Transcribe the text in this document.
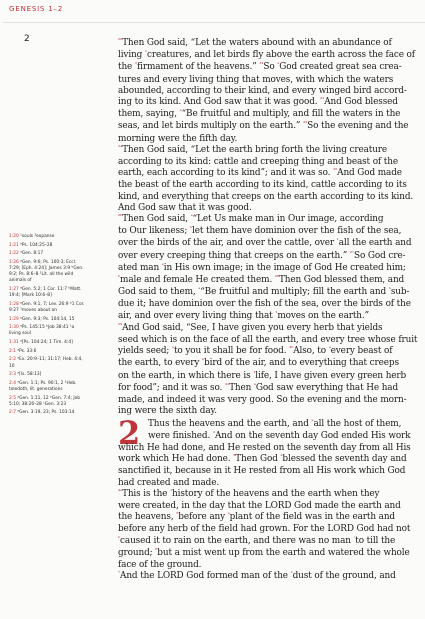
GENESIS 1–2
2
1:20 ¹souls ²expanse
1:21 ᵃPs. 104:25–28
1:22 ᵃGen. 8:17
1:26 ᵃGen. 9:6; Ps. 100:3; Eccl. 7:29; [Eph. 4:24]; James 3:9 ᵇGen. 9:2; Ps. 8:6–8 ¹Lit. all the wild animals of
1:27 ᵃGen. 5:2; 1 Cor. 11:7 ᵇMatt. 19:4; [Mark 10:6–8]
1:28 ᵃGen. 9:1, 7; Lev. 26:9 ᵇ1 Cor. 9:27 ¹moves about on
1:29 ᵃGen. 9:3; Ps. 104:14, 15
1:30 ᵃPs. 145:15 ᵇJob 38:41 ¹a living soul
1:31 ᵃ[Ps. 104:24; 1 Tim. 4:4]
2:1 ᵃPs. 33:6
2:2 ᵃEx. 20:9–11; 31:17; Heb. 4:4, 10
2:3 ᵃ[Is. 58:13]
2:4 ᵃGen. 1:1; Ps. 90:1, 2 ¹Heb. toledoth, lit. generations
2:5 ᵃGen. 1:11, 12 ᵇGen. 7:4; Job 5:10; 38:26–28 ᶜGen. 3:23
2:7 ᵃGen. 3:19, 23; Ps. 103:14
2
$^{^{20}}$Then God said, “Let the waters abound with an abundance of
living $^{^1}$creatures, and let birds fly above the earth across the face of
the $^{^2}$firmament of the heavens.” $^{^{21}}$So $^ᵃ$God created great sea crea-
tures and every living thing that moves, with which the waters
abounded, according to their kind, and every winged bird accord-
ing to its kind. And God saw that it was good. $^{^{22}}$And God blessed
them, saying, $^ᵃ$“Be fruitful and multiply, and fill the waters in the
seas, and let birds multiply on the earth.” $^{^{23}}$So the evening and the
morning were the fifth day.
$^{^{24}}$Then God said, “Let the earth bring forth the living creature
according to its kind: cattle and creeping thing and beast of the
earth, each according to its kind”; and it was so. $^{^{25}}$And God made
the beast of the earth according to its kind, cattle according to its
kind, and everything that creeps on the earth according to its kind.
And God saw that it was good.
$^{^{26}}$Then God said, $^ᵃ$“Let Us make man in Our image, according
to Our likeness; $^ᵇ$let them have dominion over the fish of the sea,
over the birds of the air, and over the cattle, over $^{^1}$all the earth and
over every creeping thing that creeps on the earth.” $^{^{27}}$So God cre-
ated man $^ᵃ$in His own image; in the image of God He created him;
$^ᵇ$male and female He created them. $^{^{28}}$Then God blessed them, and
God said to them, $^ᵃ$“Be fruitful and multiply; fill the earth and $^ᵇ$sub-
due it; have dominion over the fish of the sea, over the birds of the
air, and over every living thing that $^{^1}$moves on the earth.”
$^{^{29}}$And God said, “See, I have given you every herb that yields
seed which is on the face of all the earth, and every tree whose fruit
yields seed; $^ᵃ$to you it shall be for food. $^{^{30}}$Also, to $^ᵃ$every beast of
the earth, to every $^ᵇ$bird of the air, and to everything that creeps
on the earth, in which there is $^{^1}$life, I have given every green herb
for food”; and it was so. $^{^{31}}$Then $^ᵃ$God saw everything that He had
made, and indeed it was very good. So the evening and the morn-
ing were the sixth day.
Thus the heavens and the earth, and $^ᵃ$all the host of them,
were finished. $^{^2}$And on the seventh day God ended His work
which He had done, and He rested on the seventh day from all His
work which He had done. $^{^3}$Then God $^ᵃ$blessed the seventh day and
sanctified it, because in it He rested from all His work which God
had created and made.
$^{^4ᵃ}$This is the $^{^1}$history of the heavens and the earth when they
were created, in the day that the LORD God made the earth and
the heavens, $^{^5}$before any $^ᵃ$plant of the field was in the earth and
before any herb of the field had grown. For the LORD God had not
$^ᵇ$caused it to rain on the earth, and there was no man $^ᶜ$to till the
ground; $^{^6}$but a mist went up from the earth and watered the whole
face of the ground.
$^{^7}$And the LORD God formed man of the $^ᵃ$dust of the ground, and
